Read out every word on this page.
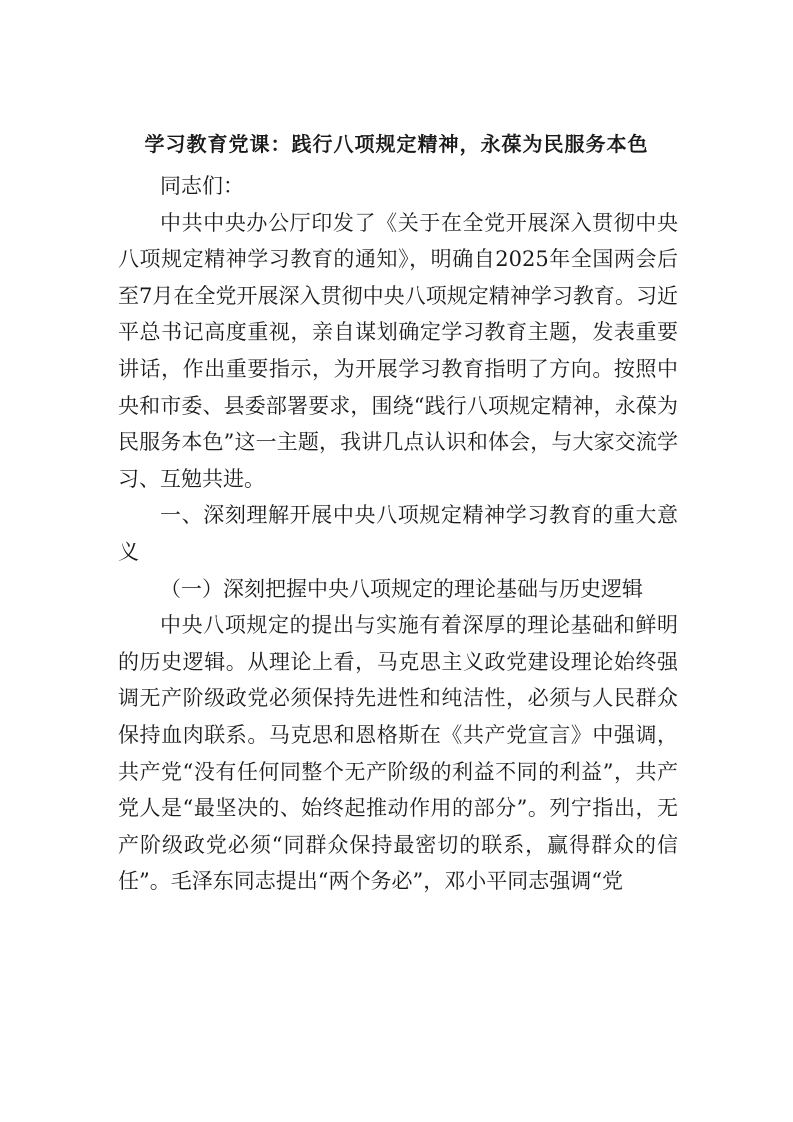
学习教育党课：践行八项规定精神，永葆为民服务本色

同志们：

中共中央办公厅印发了《关于在全党开展深入贯彻中央八项规定精神学习教育的通知》，明确自2025年全国两会后至7月在全党开展深入贯彻中央八项规定精神学习教育。习近平总书记高度重视，亲自谋划确定学习教育主题，发表重要讲话，作出重要指示，为开展学习教育指明了方向。按照中央和市委、县委部署要求，围绕“践行八项规定精神，永葆为民服务本色”这一主题，我讲几点认识和体会，与大家交流学习、互勉共进。

一、深刻理解开展中央八项规定精神学习教育的重大意义

（一）深刻把握中央八项规定的理论基础与历史逻辑

中央八项规定的提出与实施有着深厚的理论基础和鲜明的历史逻辑。从理论上看，马克思主义政党建设理论始终强调无产阶级政党必须保持先进性和纯洁性，必须与人民群众保持血肉联系。马克思和恩格斯在《共产党宣言》中强调，共产党“没有任何同整个无产阶级的利益不同的利益”，共产党人是“最坚决的、始终起推动作用的部分”。列宁指出，无产阶级政党必须“同群众保持最密切的联系，赢得群众的信任”。毛泽东同志提出“两个务必”，邓小平同志强调“党
